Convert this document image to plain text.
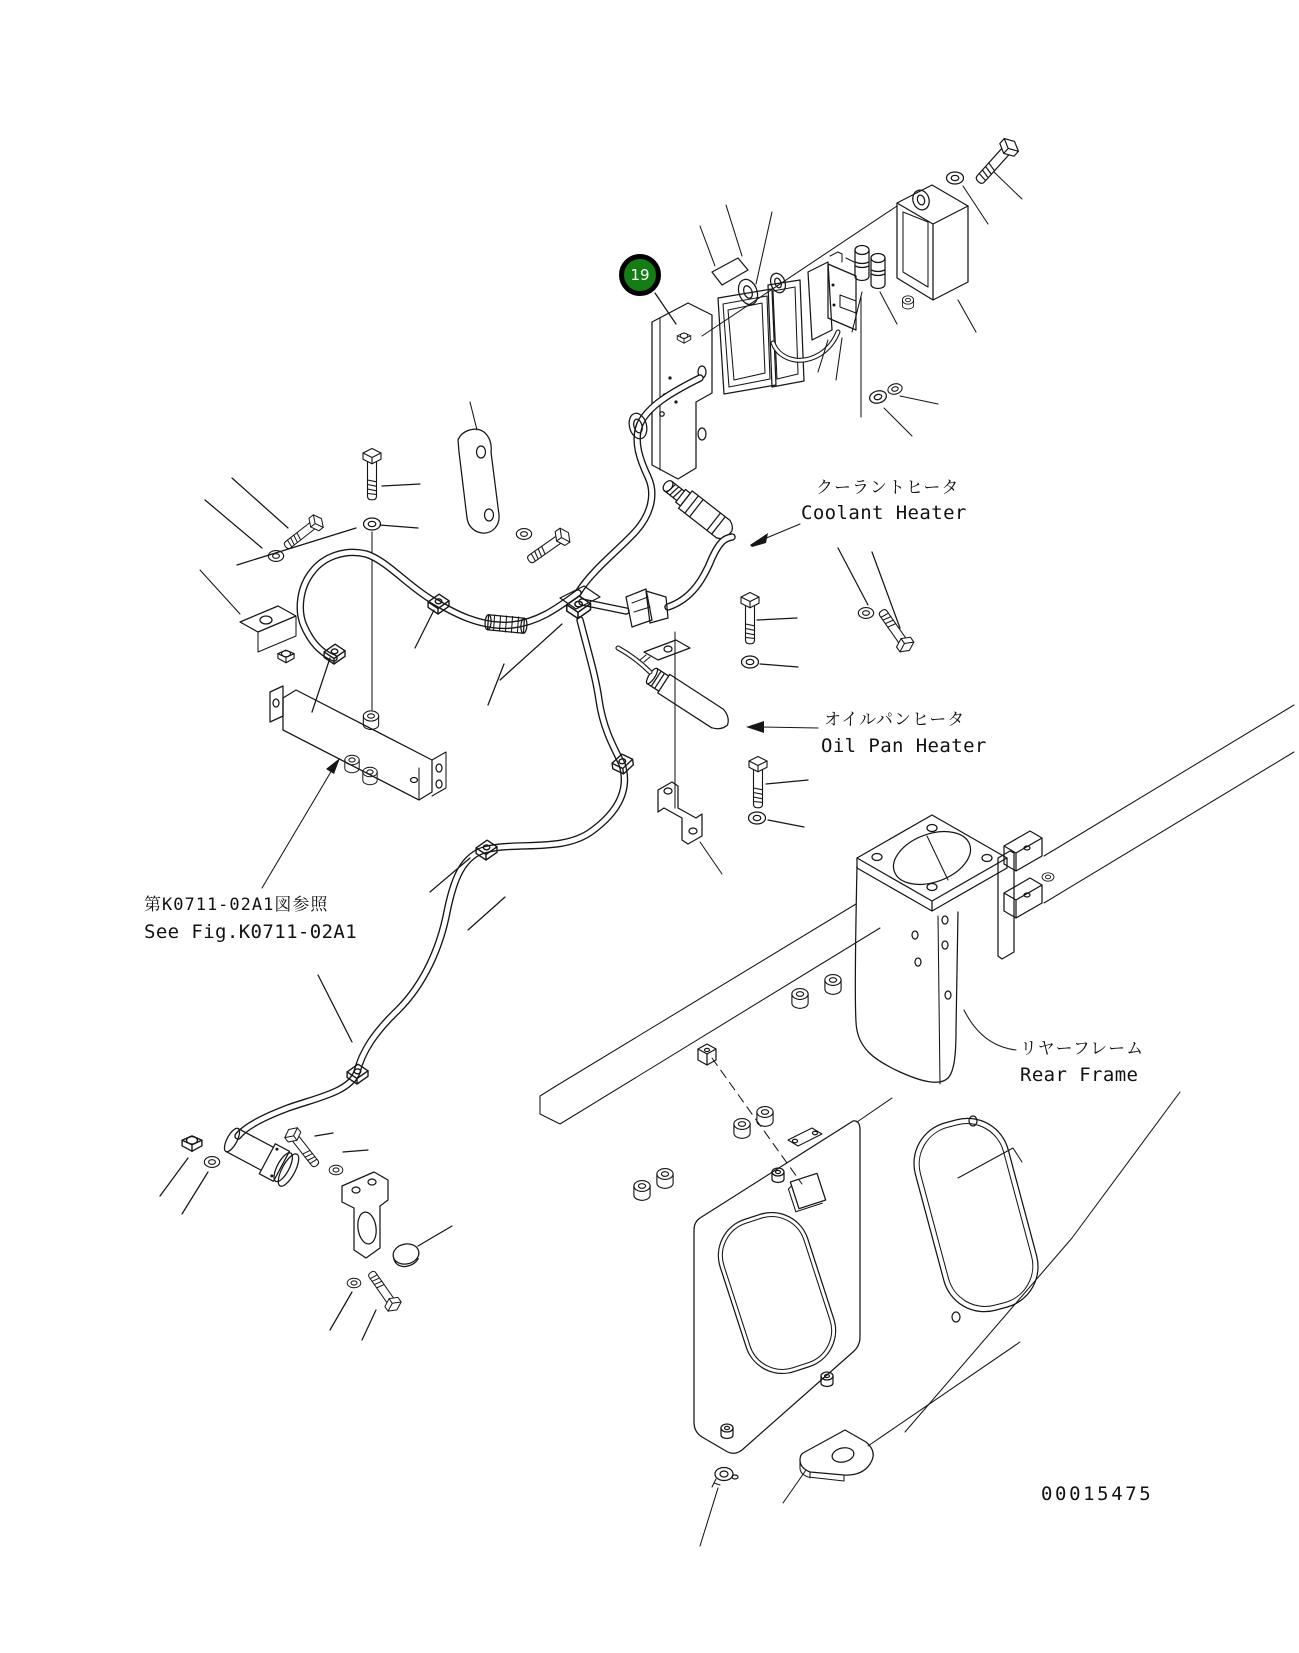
19
クーラントヒータ
Coolant Heater
オイルパンヒータ
Oil Pan Heater
第K0711-02A1図参照
See Fig.K0711-02A1
リヤーフレーム
Rear Frame
00015475
